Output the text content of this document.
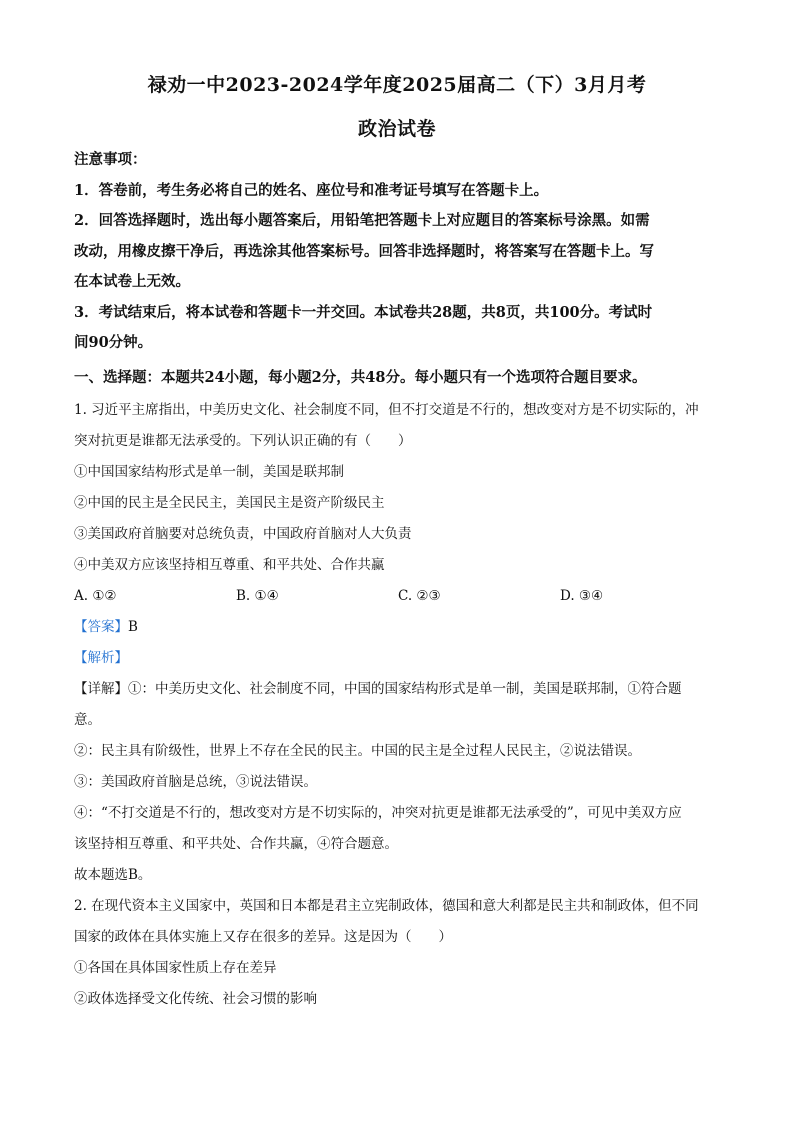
禄劝一中2023-2024学年度2025届高二（下）3月月考
政治试卷
注意事项：
1．答卷前，考生务必将自己的姓名、座位号和准考证号填写在答题卡上。
2．回答选择题时，选出每小题答案后，用铅笔把答题卡上对应题目的答案标号涂黑。如需
改动，用橡皮擦干净后，再选涂其他答案标号。回答非选择题时，将答案写在答题卡上。写
在本试卷上无效。
3．考试结束后，将本试卷和答题卡一并交回。本试卷共28题，共8页，共100分。考试时
间90分钟。
一、选择题：本题共24小题，每小题2分，共48分。每小题只有一个选项符合题目要求。
1. 习近平主席指出，中美历史文化、社会制度不同，但不打交道是不行的，想改变对方是不切实际的，冲
突对抗更是谁都无法承受的。下列认识正确的有（　　）
①中国国家结构形式是单一制，美国是联邦制
②中国的民主是全民民主，美国民主是资产阶级民主
③美国政府首脑要对总统负责，中国政府首脑对人大负责
④中美双方应该坚持相互尊重、和平共处、合作共赢
A. ①②	B. ①④	C. ②③	D. ③④
【答案】B
【解析】
【详解】①：中美历史文化、社会制度不同，中国的国家结构形式是单一制，美国是联邦制，①符合题
意。
②：民主具有阶级性，世界上不存在全民的民主。中国的民主是全过程人民民主，②说法错误。
③：美国政府首脑是总统，③说法错误。
④：“不打交道是不行的，想改变对方是不切实际的，冲突对抗更是谁都无法承受的”，可见中美双方应
该坚持相互尊重、和平共处、合作共赢，④符合题意。
故本题选B。
2. 在现代资本主义国家中，英国和日本都是君主立宪制政体，德国和意大利都是民主共和制政体，但不同
国家的政体在具体实施上又存在很多的差异。这是因为（　　）
①各国在具体国家性质上存在差异
②政体选择受文化传统、社会习惯的影响
